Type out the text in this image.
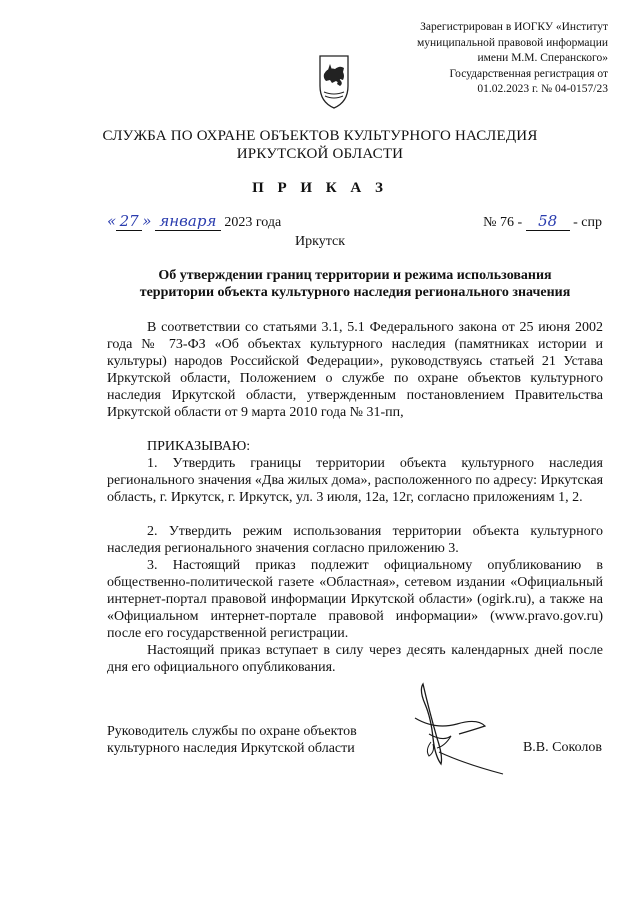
Зарегистрирован в ИОГКУ «Институт
муниципальной правовой информации
имени М.М. Сперанского»
Государственная регистрация от
01.02.2023 г. № 04-0157/23
СЛУЖБА ПО ОХРАНЕ ОБЪЕКТОВ КУЛЬТУРНОГО НАСЛЕДИЯ
ИРКУТСКОЙ ОБЛАСТИ
П Р И К А З
« 27 » января 2023 года	№ 76 - 58 - спр
Иркутск
Об утверждении границ территории и режима использования
территории объекта культурного наследия регионального значения
В соответствии со статьями 3.1, 5.1 Федерального закона от 25 июня 2002 года № 73-ФЗ «Об объектах культурного наследия (памятниках истории и культуры) народов Российской Федерации», руководствуясь статьей 21 Устава Иркутской области, Положением о службе по охране объектов культурного наследия Иркутской области, утвержденным постановлением Правительства Иркутской области от 9 марта 2010 года № 31-пп,
ПРИКАЗЫВАЮ:
1. Утвердить границы территории объекта культурного наследия регионального значения «Два жилых дома», расположенного по адресу: Иркутская область, г. Иркутск, г. Иркутск, ул. 3 июля, 12а, 12г, согласно приложениям 1, 2.
2. Утвердить режим использования территории объекта культурного наследия регионального значения согласно приложению 3.
3. Настоящий приказ подлежит официальному опубликованию в общественно-политической газете «Областная», сетевом издании «Официальный интернет-портал правовой информации Иркутской области» (ogirk.ru), а также на «Официальном интернет-портале правовой информации» (www.pravo.gov.ru) после его государственной регистрации.
Настоящий приказ вступает в силу через десять календарных дней после дня его официального опубликования.
Руководитель службы по охране объектов
культурного наследия Иркутской области	В.В. Соколов
